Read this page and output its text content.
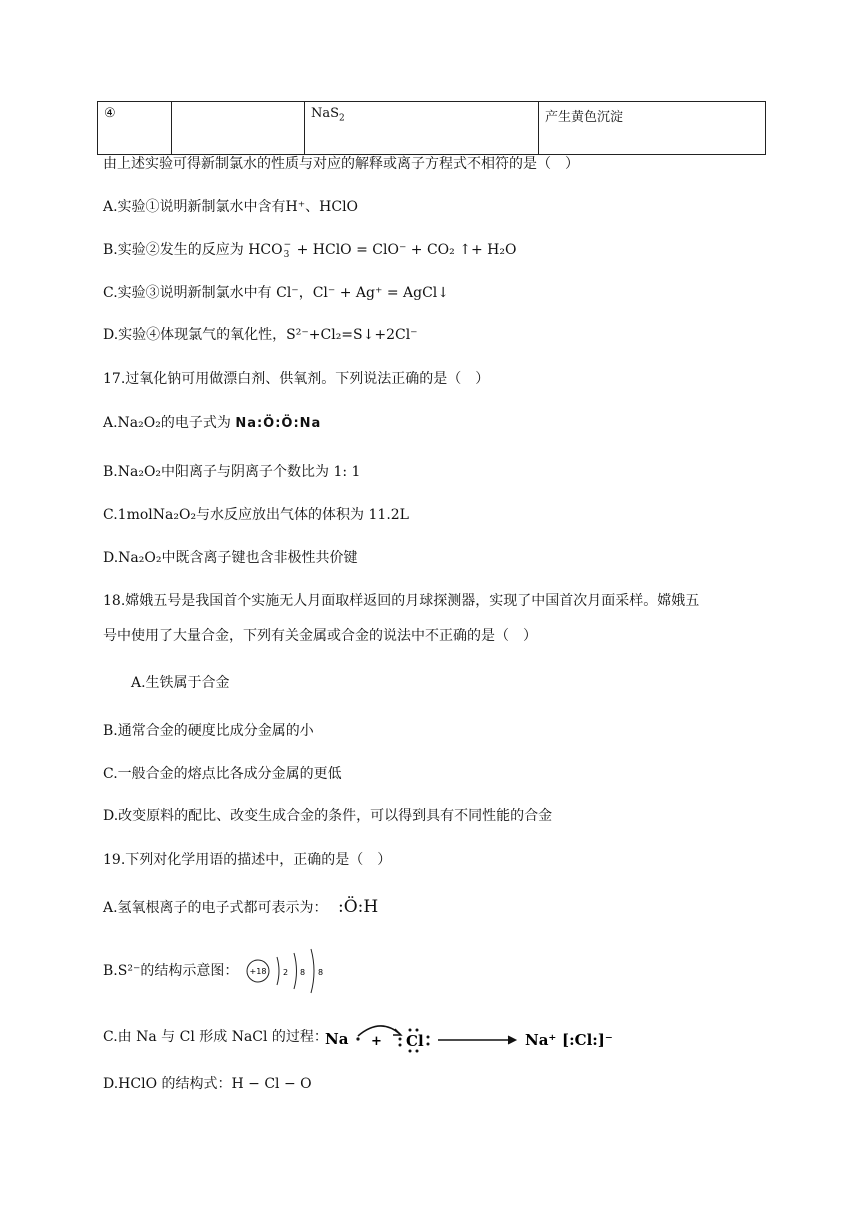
④		NaS$_2$	产生黄色沉淀
由上述实验可得新制氯水的性质与对应的解释或离子方程式不相符的是（　）
A.实验①说明新制氯水中含有H⁺、HClO
B.实验②发生的反应为 HCO −
3 + HClO = ClO⁻ + CO₂ ↑+ H₂O
C.实验③说明新制氯水中有 Cl⁻，Cl⁻ + Ag⁺ = AgCl↓
D.实验④体现氯气的氧化性，S²⁻+Cl₂=S↓+2Cl⁻
17.过氧化钠可用做漂白剂、供氧剂。下列说法正确的是（　）
A.Na₂O₂的电子式为 Na:Ö:Ö:Na
B.Na₂O₂中阳离子与阴离子个数比为 1: 1
C.1molNa₂O₂与水反应放出气体的体积为 11.2L
D.Na₂O₂中既含离子键也含非极性共价键
18.嫦娥五号是我国首个实施无人月面取样返回的月球探测器，实现了中国首次月面采样。嫦娥五
号中使用了大量合金，下列有关金属或合金的说法中不正确的是（　）
A.生铁属于合金
B.通常合金的硬度比成分金属的小
C.一般合金的熔点比各成分金属的更低
D.改变原料的配比、改变生成合金的条件，可以得到具有不同性能的合金
19.下列对化学用语的描述中，正确的是（　）
A.氢氧根离子的电子式都可表示为： :Ö:H
B.S²⁻的结构示意图： +18 2 8 8
C.由 Na 与 Cl 形成 NaCl 的过程：
Na + Cl	Na⁺ [:Cl:]⁻
D.HClO 的结构式：H − Cl − O
